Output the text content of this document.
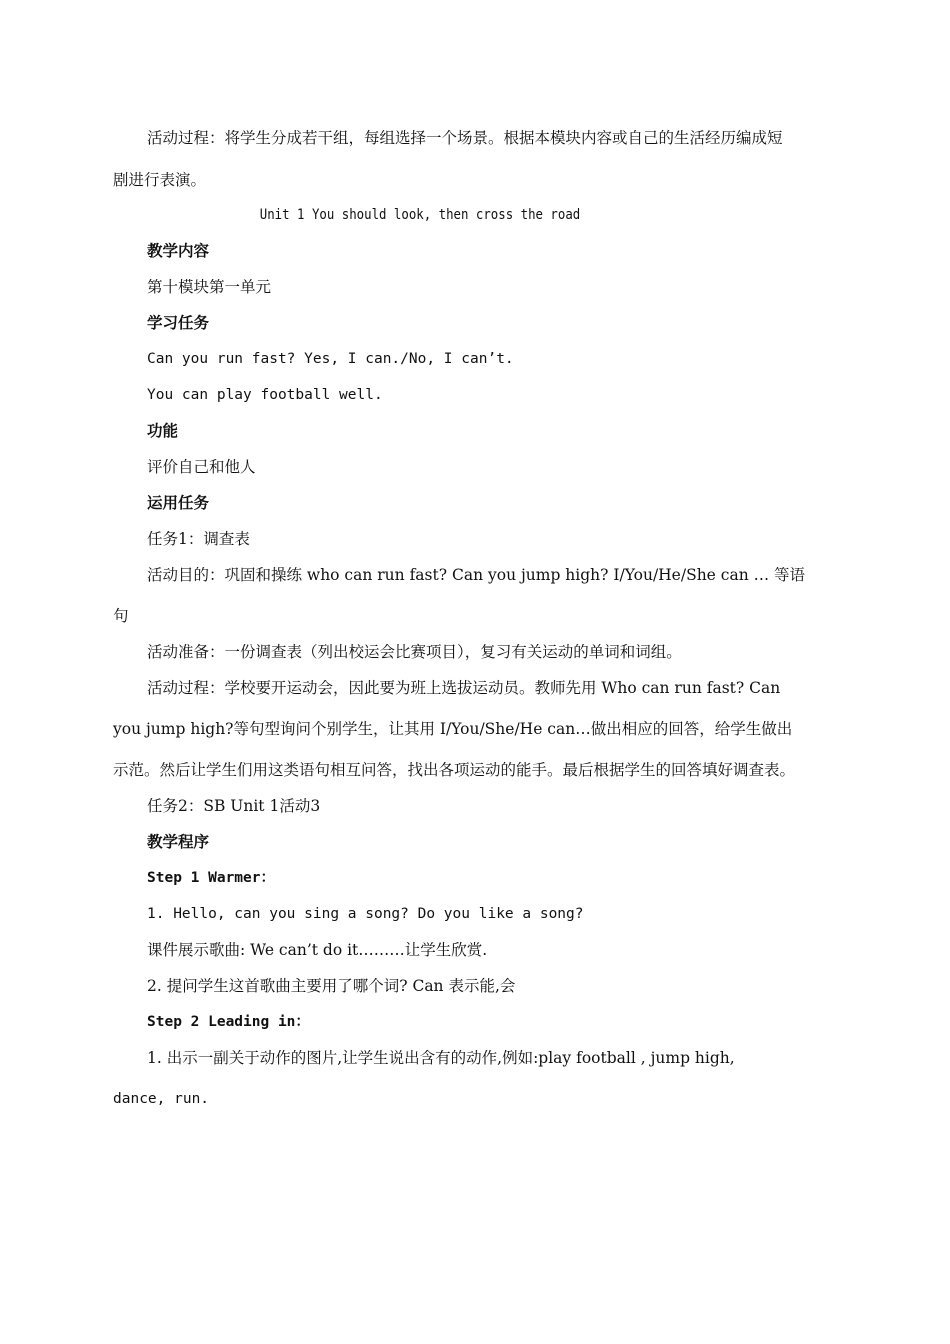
活动过程：将学生分成若干组，每组选择一个场景。根据本模块内容或自己的生活经历编成短
剧进行表演。
Unit 1 You should look, then cross the road
教学内容
第十模块第一单元
学习任务
Can you run fast? Yes, I can./No, I can’t.
You can play football well.
功能
评价自己和他人
运用任务
任务1：调查表
活动目的：巩固和操练 who can run fast? Can you jump high? I/You/He/She can … 等语
句
活动准备：一份调查表（列出校运会比赛项目），复习有关运动的单词和词组。
活动过程：学校要开运动会，因此要为班上选拔运动员。教师先用 Who can run fast? Can
you jump high?等句型询问个别学生，让其用 I/You/She/He can…做出相应的回答，给学生做出
示范。然后让学生们用这类语句相互问答，找出各项运动的能手。最后根据学生的回答填好调查表。
任务2：SB Unit 1活动3
教学程序
Step 1 Warmer：
1. Hello, can you sing a song? Do you like a song?
课件展示歌曲: We can’t do it………让学生欣赏.
2. 提问学生这首歌曲主要用了哪个词? Can 表示能,会
Step 2 Leading in：
1. 出示一副关于动作的图片,让学生说出含有的动作,例如:play football , jump high,
dance, run.
